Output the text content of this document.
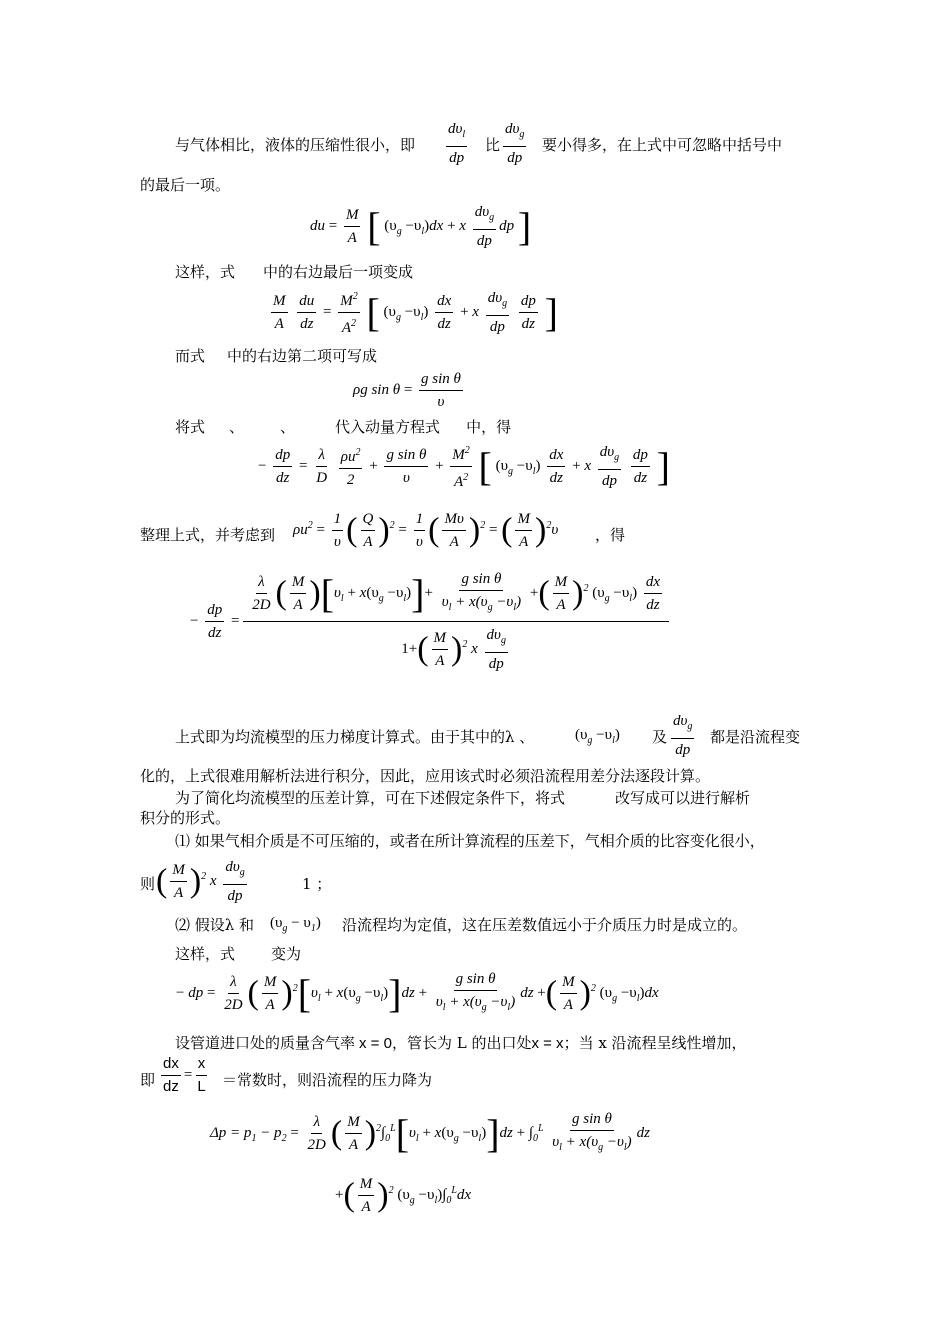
与气体相比，液体的压缩性很小，即 $\frac{d\upsilon_l}{dp}$ 比 $\frac{d\upsilon_g}{dp}$ 要小得多，在上式中可忽略中括号中
的最后一项。
du = $\frac{M}{A}$ [ $(\upsilon_g -\upsilon_l)dx + x \frac{d\upsilon_g}{dp}$ dp ]
这样，式 中的右边最后一项变成
$\frac{M}{A}$
$\frac{du}{dz} = \frac{M^2}{A^2}$ [ $(\upsilon_g -\upsilon_l) \frac{dx}{dz} + x \frac{d\upsilon_g}{dp}$
$\frac{dp}{dz}$ ]
而式 中的右边第二项可写成
ρg $\sin \theta = \frac{\text{g sin θ}}{\upsilon}$
将式 、 、	代入动量方程式 中，得
− $\frac{dp}{dz} = \frac{\lambda}{D}$
$\frac{\rho u^2}{2} + \frac{\text{g sin θ}}{\upsilon} + \frac{M^2}{A^2}$ [ $(\upsilon_g -\upsilon_l) \frac{dx}{dz} + x \frac{d\upsilon_g}{dp}$
$\frac{dp}{dz}$ ]
整理上式，并考虑到 $\rho u^2 = \frac{1}{\upsilon}$ ( $\frac{Q}{A} )^2 = \frac{1}{\upsilon}$ ( $\frac{M\upsilon}{A} )^2$ = ( $\frac{M}{A} )^2\upsilon$ ，得
− $\frac{dp}{dz}$ =
$\frac{\lambda}{2D}$ ( $\frac{M}{A} )[\upsilon_l + x(\upsilon_g -\upsilon_l)]+ \frac{\text{g sin θ}}{\upsilon_l + x(\upsilon_g -\upsilon_l)}$ +( $\frac{M}{A} )^2$ $(\upsilon_g -\upsilon_l) \frac{dx}{dz}$
$1+( \frac{M}{A} )^2$ x $\frac{d\upsilon_g}{dp}$
上式即为均流模型的压力梯度计算式。由于其中的λ 、	$(\upsilon_g -\upsilon_l)$ 及 $\frac{d\upsilon_g}{dp}$ 都是沿流程变
化的，上式很难用解析法进行积分，因此，应用该式时必须沿流程用差分法逐段计算。
为了简化均流模型的压差计算，可在下述假定条件下，将式	改写成可以进行解析
积分的形式。
⑴ 如果气相介质是不可压缩的，或者在所计算流程的压差下，气相介质的比容变化很小，
则 ( $\frac{M}{A} )^2$ x $\frac{d\upsilon_g}{dp}$	1 ；
⑵ 假设λ 和 $(\upsilon_g - \upsilon_1)$ 沿流程均为定值，这在压差数值远小于介质压力时是成立的。
这样，式 变为
− dp = $\frac{\lambda}{2D}$ ( $\frac{M}{A} )^2[\upsilon_l + x(\upsilon_g -\upsilon_l)]dz + \frac{\text{g sin θ}}{\upsilon_l + x(\upsilon_g -\upsilon_l)}$ dz +( $\frac{M}{A} )^2$ $(\upsilon_g -\upsilon_l)dx$
设管道进口处的质量含气率 x = 0，管长为 L 的出口处x = x；当 x 沿流程呈线性增加，
即 $\frac{dx}{dz} = \frac{x}{L}$ ＝常数时，则沿流程的压力降为
$\Delta p = p_1 - p_2 = \frac{\lambda}{2D}$ ( $\frac{M}{A} )^2\int_0^L[\upsilon_l + x(\upsilon_g -\upsilon_l)]dz + \int_0^L \frac{\text{g sin θ}}{\upsilon_l + x(\upsilon_g -\upsilon_l)}$ dz
+( $\frac{M}{A} )^2$ $(\upsilon_g -\upsilon_l)\int_0^Ldx$
